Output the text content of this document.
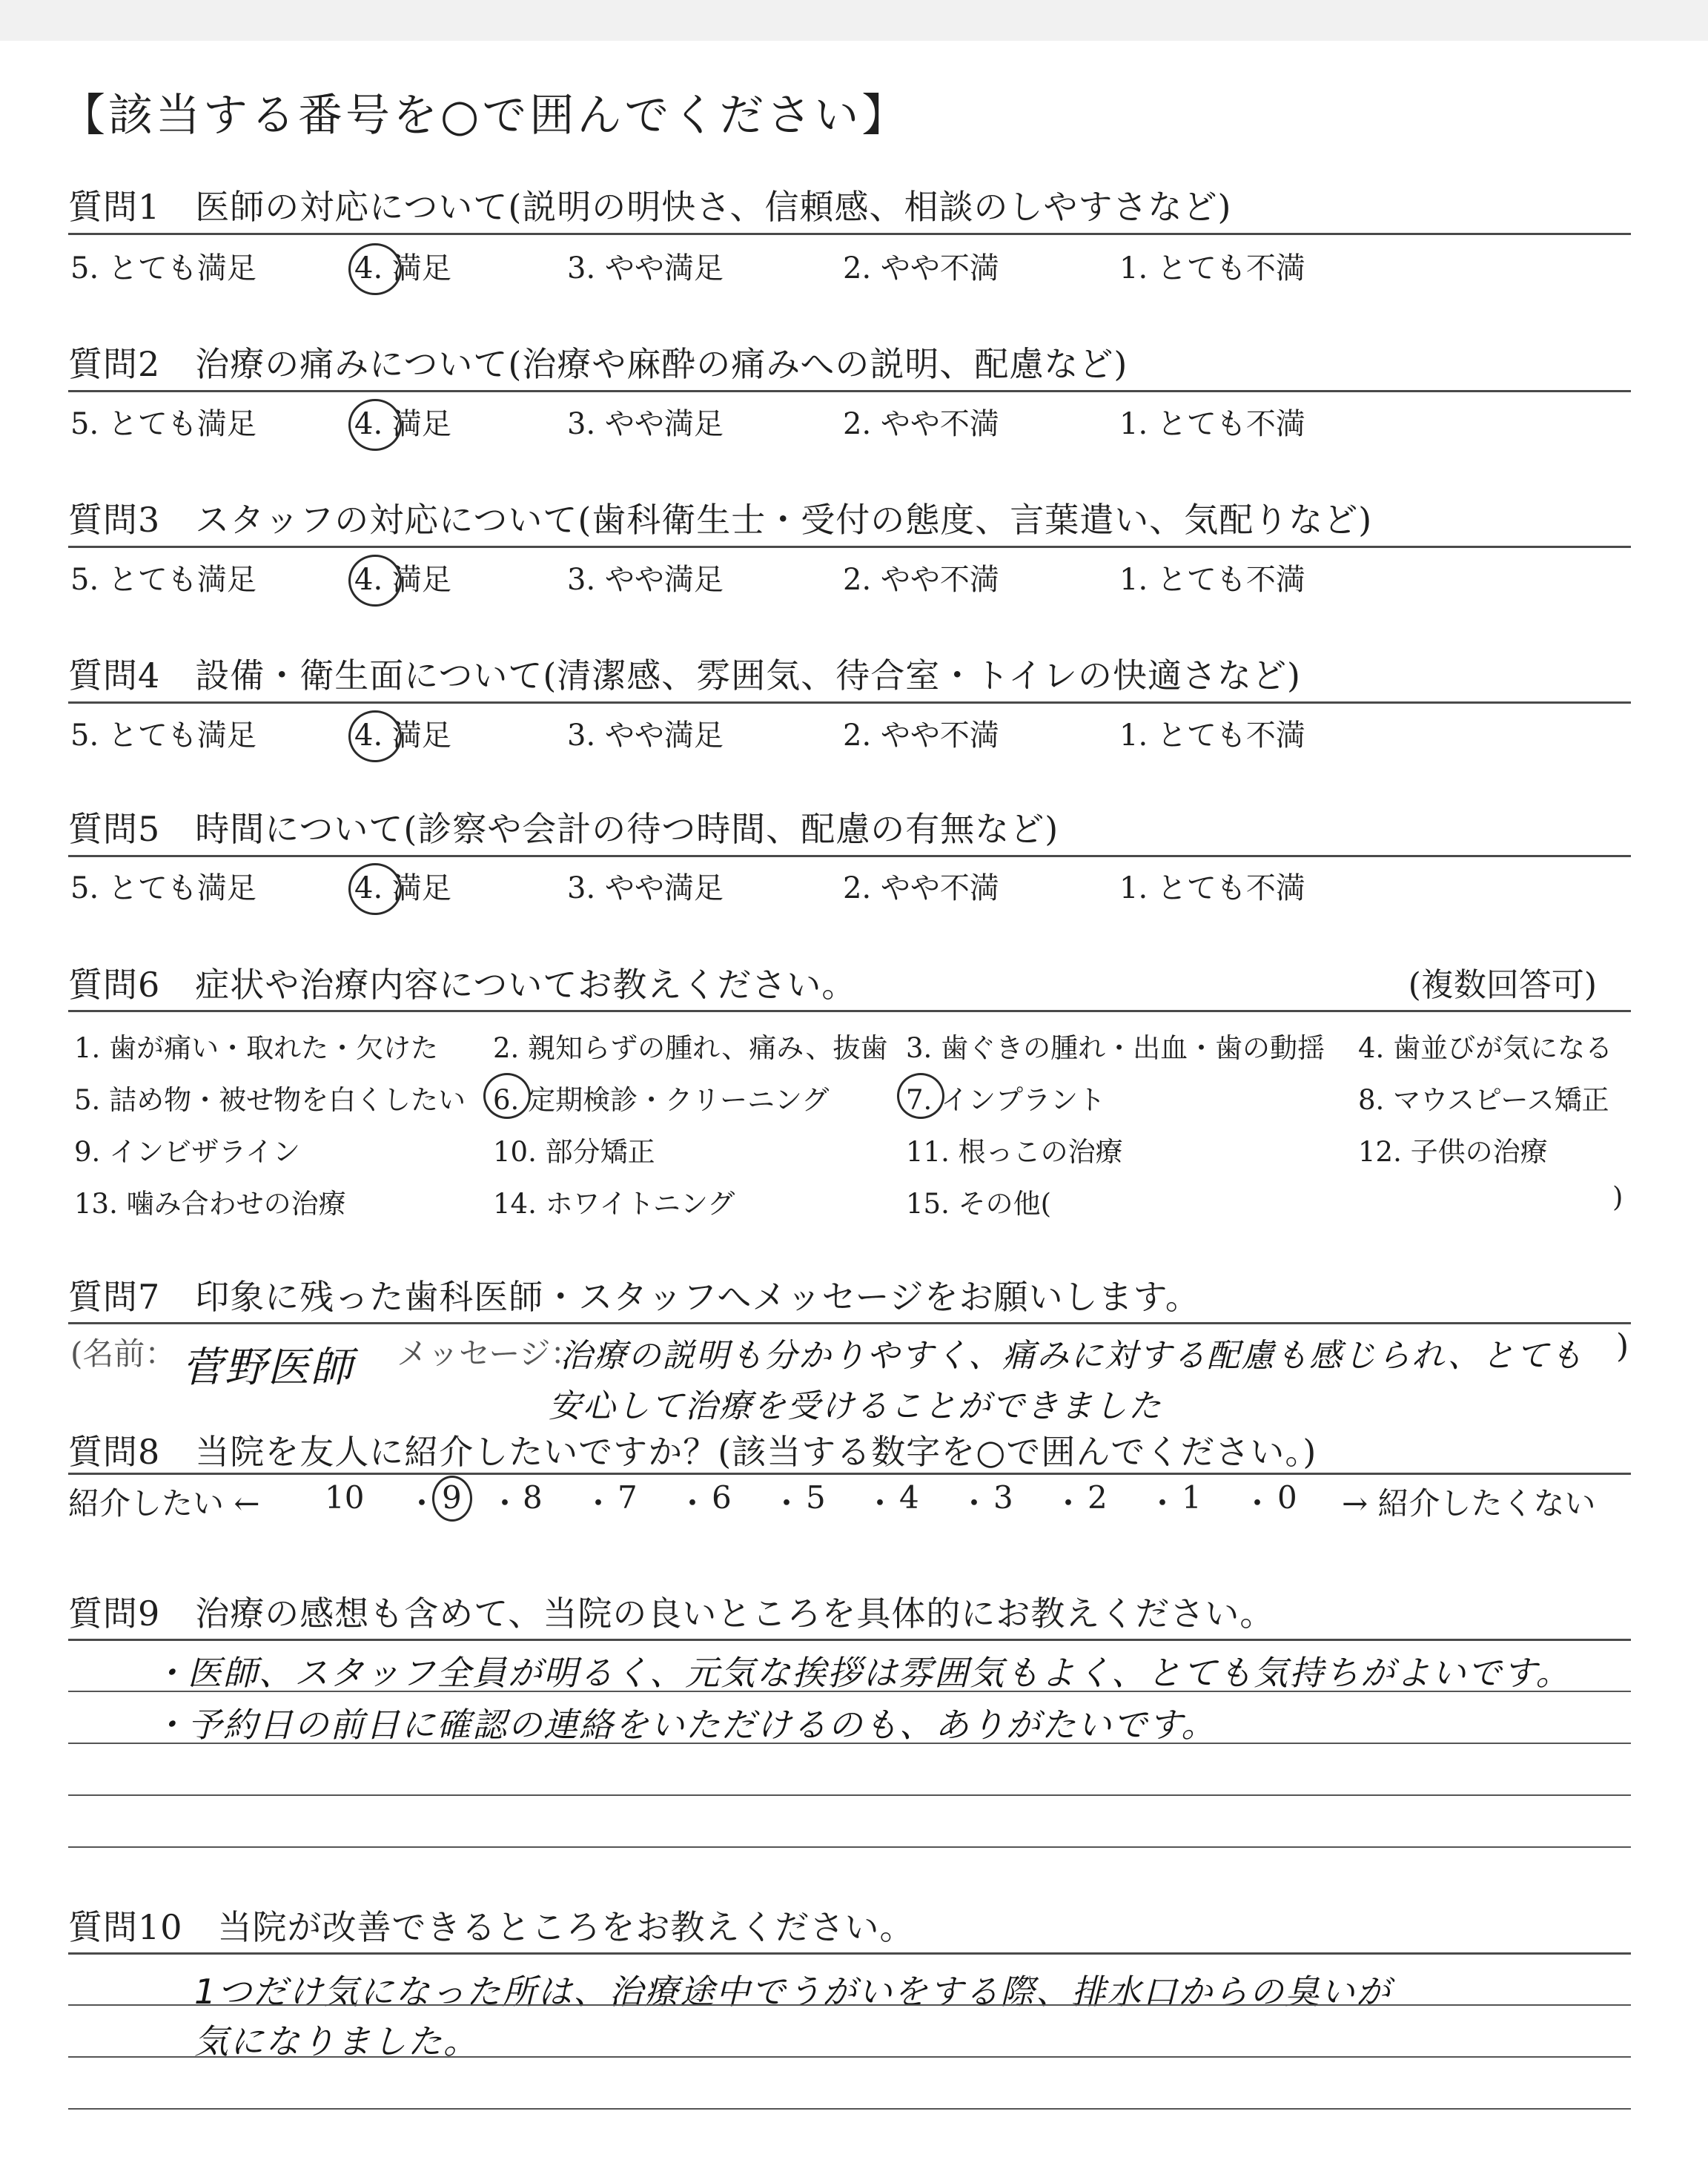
【該当する番号を○で囲んでください】
質問1　医師の対応について(説明の明快さ、信頼感、相談のしやすさなど)
5. とても満足	4. 満足	3. やや満足	2. やや不満	1. とても不満
質問2　治療の痛みについて(治療や麻酔の痛みへの説明、配慮など)
5. とても満足	4. 満足	3. やや満足	2. やや不満	1. とても不満
質問3　スタッフの対応について(歯科衛生士・受付の態度、言葉遣い、気配りなど)
5. とても満足	4. 満足	3. やや満足	2. やや不満	1. とても不満
質問4　設備・衛生面について(清潔感、雰囲気、待合室・トイレの快適さなど)
5. とても満足	4. 満足	3. やや満足	2. やや不満	1. とても不満
質問5　時間について(診察や会計の待つ時間、配慮の有無など)
5. とても満足	4. 満足	3. やや満足	2. やや不満	1. とても不満
質問6　症状や治療内容についてお教えください。	(複数回答可)
1. 歯が痛い・取れた・欠けた 2. 親知らずの腫れ、痛み、抜歯 3. 歯ぐきの腫れ・出血・歯の動揺 4. 歯並びが気になる
5. 詰め物・被せ物を白くしたい 6. 定期検診・クリーニング	7. インプラント	8. マウスピース矯正
9. インビザライン	10. 部分矯正	11. 根っこの治療	12. 子供の治療
13. 噛み合わせの治療	14. ホワイトニング	15. その他(	)
質問7　印象に残った歯科医師・スタッフへメッセージをお願いします。
(名前： 菅野医師 メッセージ：
治療の説明も分かりやすく、痛みに対する配慮も感じられ、とても )
安心して治療を受けることができました
質問8　当院を友人に紹介したいですか？(該当する数字を○で囲んでください。)
紹介したい ← 10 9 8 7 6 5 4 3 2 1 0
・ ・ ・ ・ ・ ・ ・ ・ ・ ・ → 紹介したくない
質問9　治療の感想も含めて、当院の良いところを具体的にお教えください。
・医師、スタッフ全員が明るく、元気な挨拶は雰囲気もよく、とても気持ちがよいです。
・予約日の前日に確認の連絡をいただけるのも、ありがたいです。
質問10　当院が改善できるところをお教えください。
1つだけ気になった所は、治療途中でうがいをする際、排水口からの臭いが
気になりました。
